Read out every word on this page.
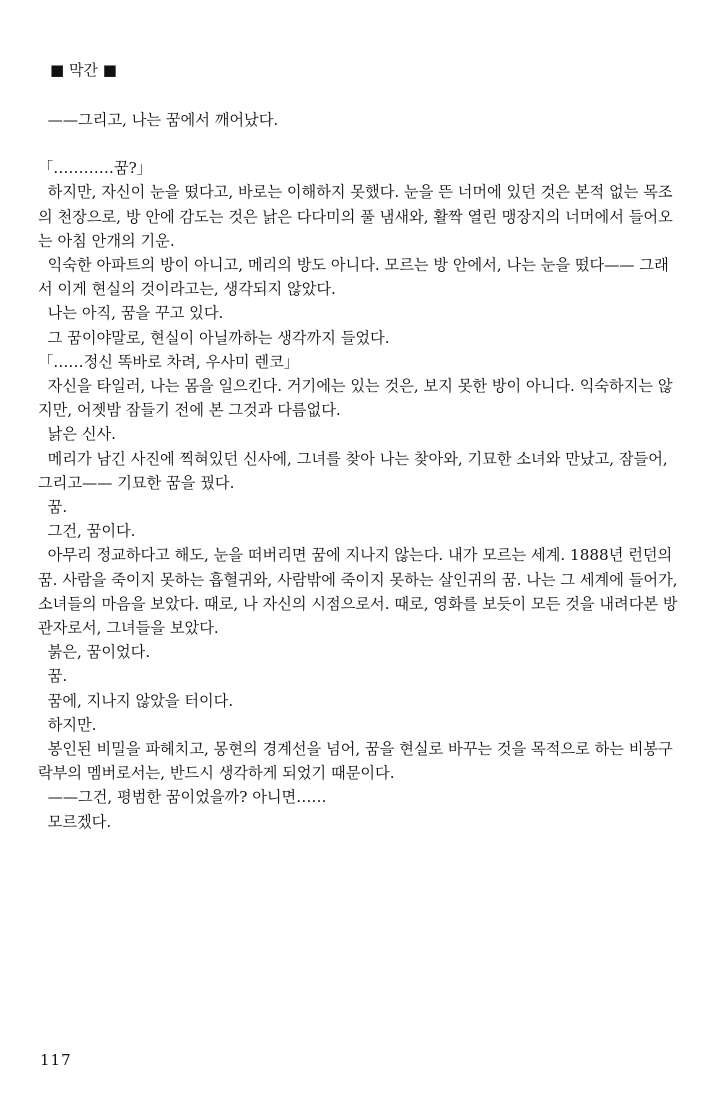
■ 막간 ■

——그리고, 나는 꿈에서 깨어났다.

「…………꿈?」

하지만, 자신이 눈을 떴다고, 바로는 이해하지 못했다. 눈을 뜬 너머에 있던 것은 본적 없는 목조의 천장으로, 방 안에 감도는 것은 낡은 다다미의 풀 냄새와, 활짝 열린 맹장지의 너머에서 들어오는 아침 안개의 기운.

익숙한 아파트의 방이 아니고, 메리의 방도 아니다. 모르는 방 안에서, 나는 눈을 떴다—— 그래서 이게 현실의 것이라고는, 생각되지 않았다.

나는 아직, 꿈을 꾸고 있다.

그 꿈이야말로, 현실이 아닐까하는 생각까지 들었다.

「……정신 똑바로 차려, 우사미 렌코」

자신을 타일러, 나는 몸을 일으킨다. 거기에는 있는 것은, 보지 못한 방이 아니다. 익숙하지는 않지만, 어젯밤 잠들기 전에 본 그것과 다름없다.

낡은 신사.

메리가 남긴 사진에 찍혀있던 신사에, 그녀를 찾아 나는 찾아와, 기묘한 소녀와 만났고, 잠들어, 그리고—— 기묘한 꿈을 꿨다.

꿈.

그건, 꿈이다.

아무리 정교하다고 해도, 눈을 떠버리면 꿈에 지나지 않는다. 내가 모르는 세계. 1888년 런던의 꿈. 사람을 죽이지 못하는 흡혈귀와, 사람밖에 죽이지 못하는 살인귀의 꿈. 나는 그 세계에 들어가, 소녀들의 마음을 보았다. 때로, 나 자신의 시점으로서. 때로, 영화를 보듯이 모든 것을 내려다본 방관자로서, 그녀들을 보았다.

붉은, 꿈이었다.

꿈.

꿈에, 지나지 않았을 터이다.

하지만.

봉인된 비밀을 파헤치고, 몽현의 경계선을 넘어, 꿈을 현실로 바꾸는 것을 목적으로 하는 비봉구락부의 멤버로서는, 반드시 생각하게 되었기 때문이다.

——그건, 평범한 꿈이었을까? 아니면……

모르겠다.

117
